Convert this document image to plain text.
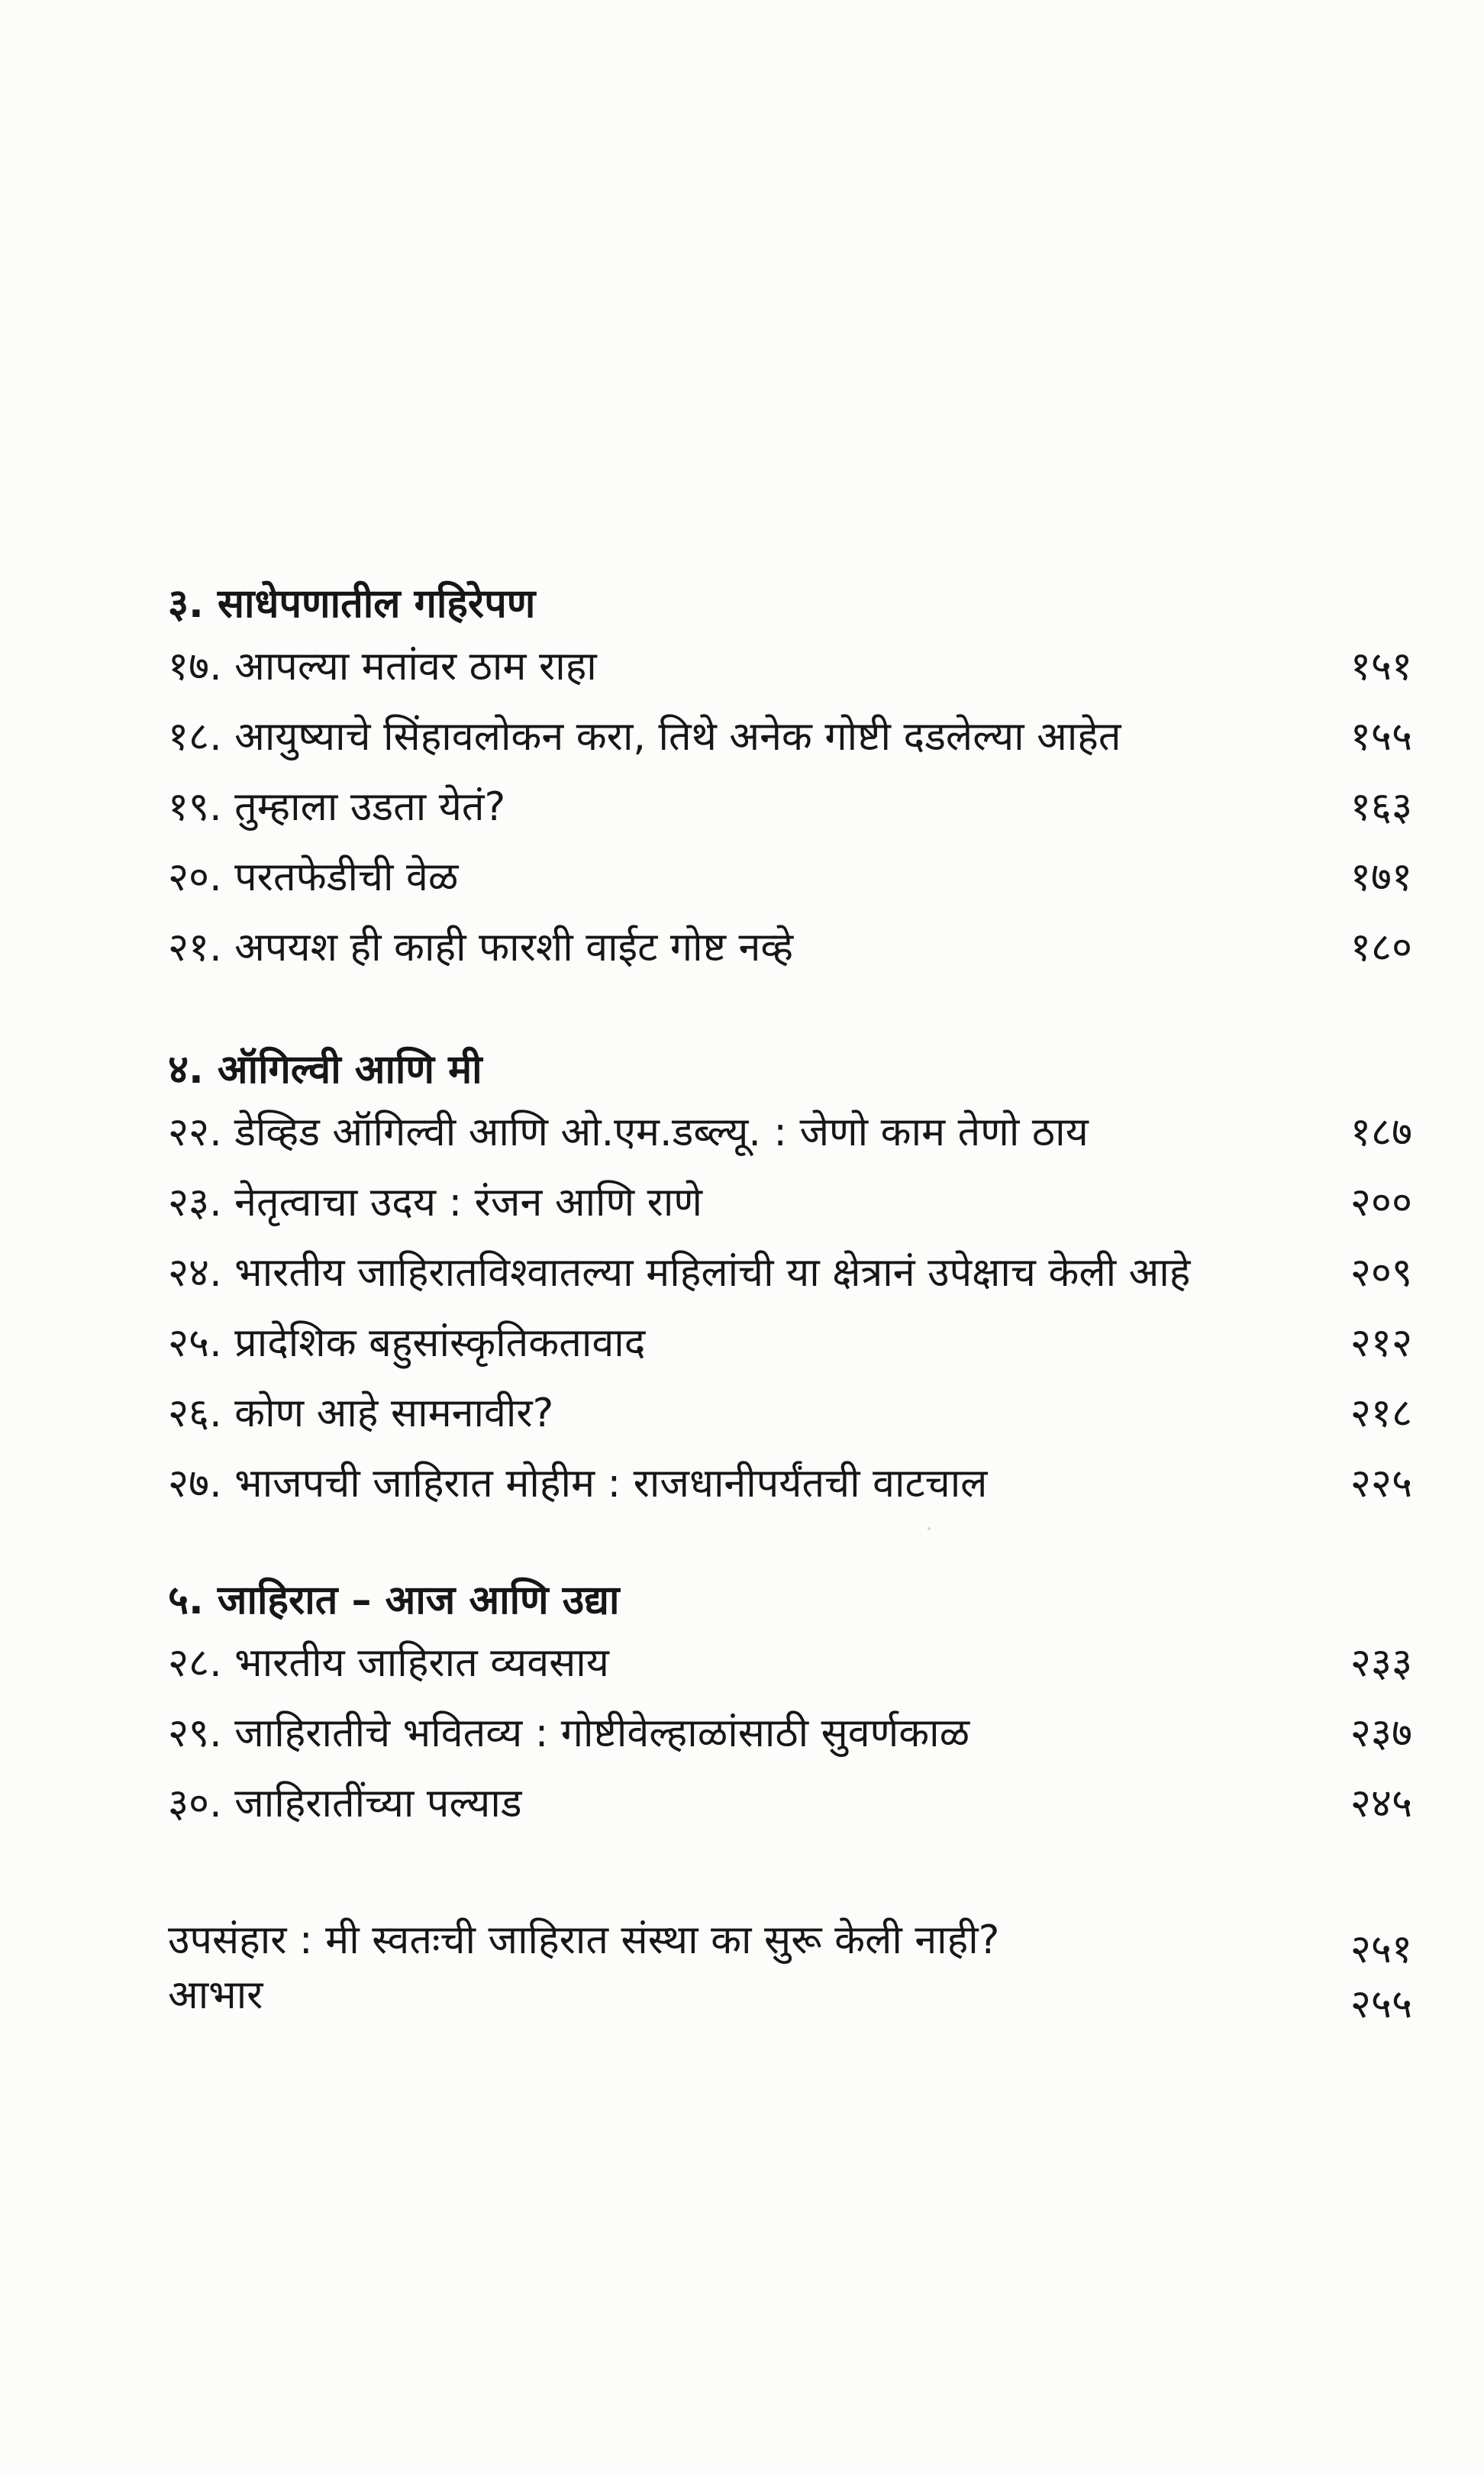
३. साधेपणातील गहिरेपण
१७. आपल्या मतांवर ठाम राहा	१५१
१८. आयुष्याचे सिंहावलोकन करा, तिथे अनेक गोष्टी दडलेल्या आहेत	१५५
१९. तुम्हाला उडता येतं?	१६३
२०. परतफेडीची वेळ	१७१
२१. अपयश ही काही फारशी वाईट गोष्ट नव्हे	१८०
४. ऑगिल्वी आणि मी
२२. डेव्हिड ऑगिल्वी आणि ओ.एम.डब्ल्यू. : जेणो काम तेणो ठाय	१८७
२३. नेतृत्वाचा उदय : रंजन आणि राणे	२००
२४. भारतीय जाहिरातविश्वातल्या महिलांची या क्षेत्रानं उपेक्षाच केली आहे	२०९
२५. प्रादेशिक बहुसांस्कृतिकतावाद	२१२
२६. कोण आहे सामनावीर?	२१८
२७. भाजपची जाहिरात मोहीम : राजधानीपर्यंतची वाटचाल	२२५
५. जाहिरात – आज आणि उद्या
२८. भारतीय जाहिरात व्यवसाय	२३३
२९. जाहिरातीचे भवितव्य : गोष्टीवेल्हाळांसाठी सुवर्णकाळ	२३७
३०. जाहिरातींच्या पल्याड	२४५
उपसंहार : मी स्वतःची जाहिरात संस्था का सुरू केली नाही?	२५१
आभार	२५५
